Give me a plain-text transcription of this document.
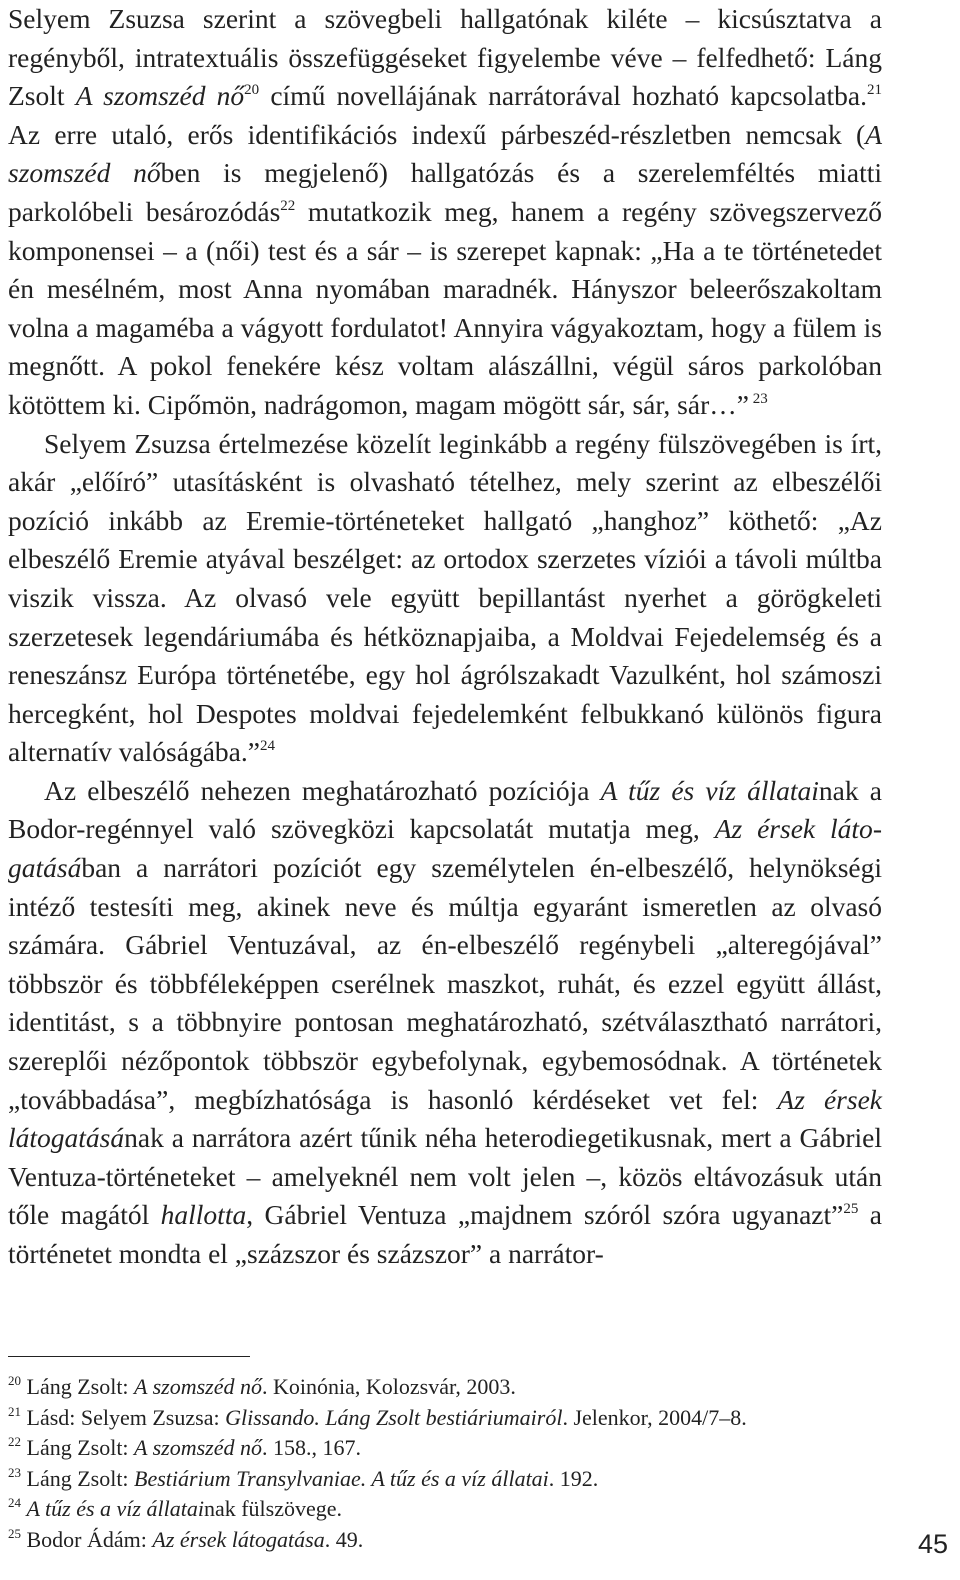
Selyem Zsuzsa szerint a szövegbeli hallgatónak kiléte – kicsúsztatva a regényből, intratextuális összefüggéseket figyelembe véve – felfedhető: Láng Zsolt A szomszéd $nő^{20}$ című novellájának narrátorával hozható kapcsolatba.$^{21}$ Az erre utaló, erős identifikációs indexű párbeszéd-részletben nemcsak (A szomszéd nőben is megjelenő) hallgatózás és a szerelemféltés miatti parkolóbeli besározódás$^{22}$ mutatkozik meg, hanem a regény szövegszervező komponensei – a (női) test és a sár – is szerepet kapnak: „Ha a te történetedet én mesélném, most Anna nyomában maradnék. Hányszor beleerőszakoltam volna a magaméba a vágyott fordulatot! Annyira vágyakoztam, hogy a fülem is megnőtt. A pokol fenekére kész voltam alászállni, végül sáros parkolóban kötöttem ki. Cipőmön, nadrágomon, magam mögött sár, sár, sár…” $^{23}$

Selyem Zsuzsa értelmezése közelít leginkább a regény fülszövegében is írt, akár „előíró” utasításként is olvasható tételhez, mely szerint az elbeszélői pozíció inkább az Eremie-történeteket hallgató „hanghoz” köthető: „Az elbeszélő Eremie atyával beszélget: az ortodox szerzetes víziói a távoli múltba viszik vissza. Az olvasó vele együtt bepillantást nyerhet a görögkeleti szerzetesek legendáriumába és hétköznapjaiba, a Moldvai Fejedelemség és a reneszánsz Európa történetébe, egy hol ágrólszakadt Vazulként, hol számoszi hercegként, hol Despotes moldvai fejedelemként felbukkanó különös figura alternatív valóságába.”$^{24}$

Az elbeszélő nehezen meghatározható pozíciója A tűz és víz állatainak a Bodor-regénnyel való szövegközi kapcsolatát mutatja meg, Az érsek látogatásában a narrátori pozíciót egy személytelen én-elbeszélő, helynökségi intéző testesíti meg, akinek neve és múltja egyaránt ismeretlen az olvasó számára. Gábriel Ventuzával, az én-elbeszélő regénybeli „alteregójával” többször és többféleképpen cserélnek maszkot, ruhát, és ezzel együtt állást, identitást, s a többnyire pontosan meghatározható, szétválasztható narrátori, szereplői nézőpontok többször egybefolynak, egybemosódnak. A történetek „továbbadása”, megbízhatósága is hasonló kérdéseket vet fel: Az érsek látogatásának a narrátora azért tűnik néha heterodiegetikusnak, mert a Gábriel Ventuza-történeteket – amelyeknél nem volt jelen –, közös eltávozásuk után tőle magától hallotta, Gábriel Ventuza „majdnem szóról szóra ugyanazt”$^{25}$ a történetet mondta el „százszor és százszor” a narrátor-

$^{20}$ Láng Zsolt: A szomszéd nő. Koinónia, Kolozsvár, 2003.
$^{21}$ Lásd: Selyem Zsuzsa: Glissando. Láng Zsolt bestiáriumairól. Jelenkor, 2004/7–8.
$^{22}$ Láng Zsolt: A szomszéd nő. 158., 167.
$^{23}$ Láng Zsolt: Bestiárium Transylvaniae. A tűz és a víz állatai. 192.
$^{24}$ A tűz és a víz állatainak fülszövege.
$^{25}$ Bodor Ádám: Az érsek látogatása. 49.	45
